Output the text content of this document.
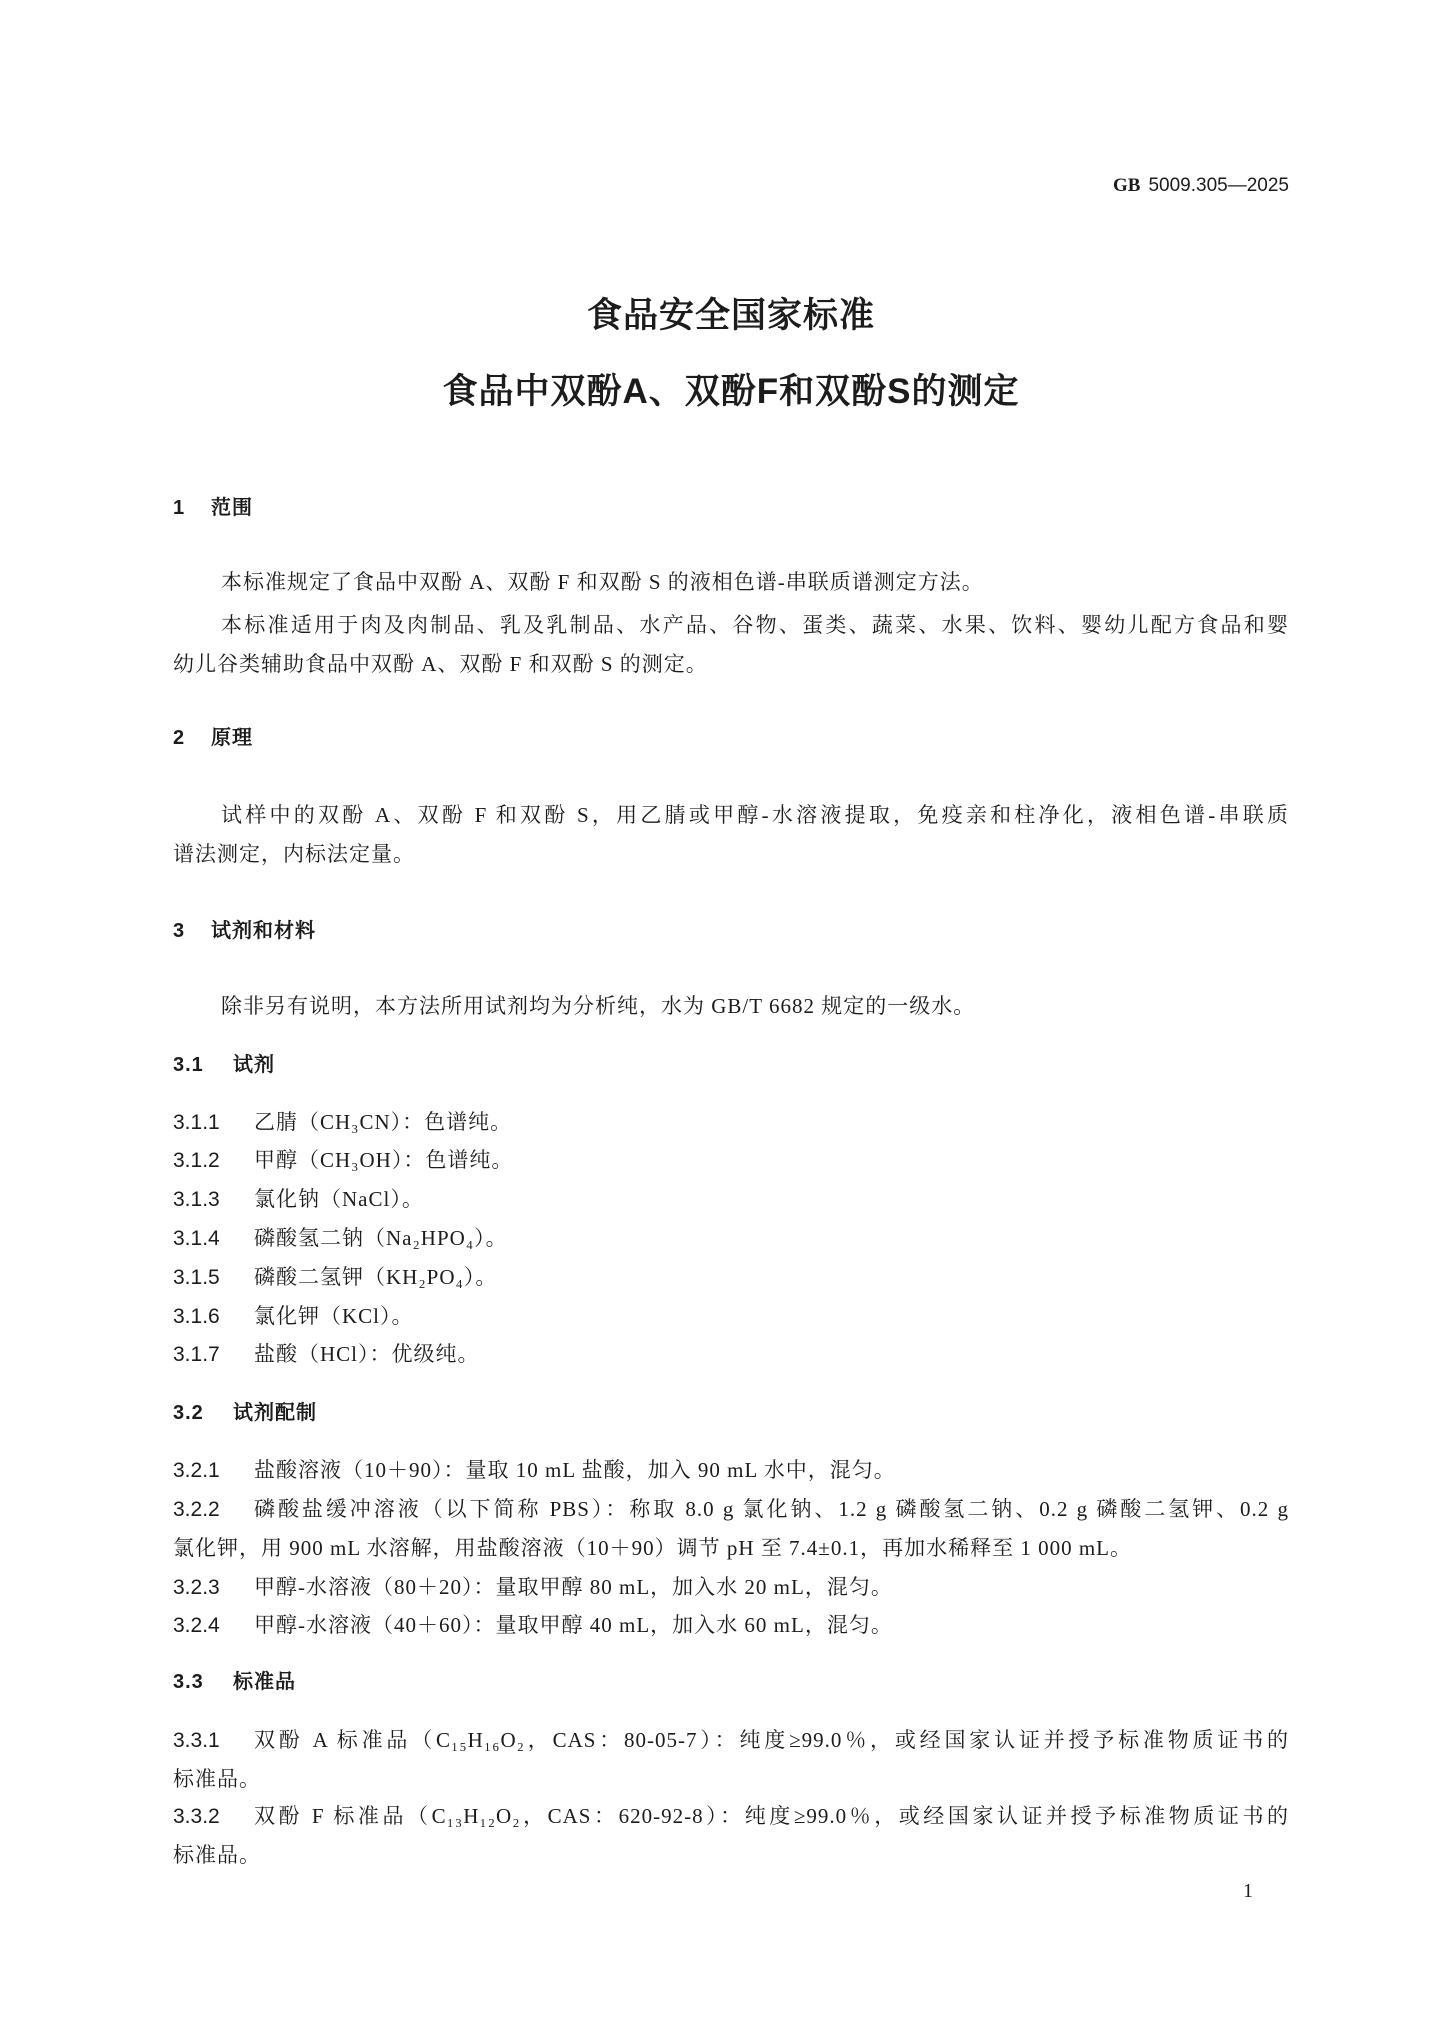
GB 5009.305—2025
食品安全国家标准
食品中双酚A、双酚F和双酚S的测定
1 范围
本标准规定了食品中双酚 A、双酚 F 和双酚 S 的液相色谱-串联质谱测定方法。
本标准适用于肉及肉制品、乳及乳制品、水产品、谷物、蛋类、蔬菜、水果、饮料、婴幼儿配方食品和婴
幼儿谷类辅助食品中双酚 A、双酚 F 和双酚 S 的测定。
2 原理
试样中的双酚 A、双酚 F 和双酚 S，用乙腈或甲醇-水溶液提取，免疫亲和柱净化，液相色谱-串联质
谱法测定，内标法定量。
3 试剂和材料
除非另有说明，本方法所用试剂均为分析纯，水为 GB/T 6682 规定的一级水。
3.1 试剂
3.1.1 乙腈（CH₃CN）：色谱纯。
3.1.2 甲醇（CH₃OH）：色谱纯。
3.1.3 氯化钠（NaCl）。
3.1.4 磷酸氢二钠（Na₂HPO₄）。
3.1.5 磷酸二氢钾（KH₂PO₄）。
3.1.6 氯化钾（KCl）。
3.1.7 盐酸（HCl）：优级纯。
3.2 试剂配制
3.2.1 盐酸溶液（10＋90）：量取 10 mL 盐酸，加入 90 mL 水中，混匀。
3.2.2 磷酸盐缓冲溶液（以下简称 PBS）：称取 8.0 g 氯化钠、1.2 g 磷酸氢二钠、0.2 g 磷酸二氢钾、0.2 g
氯化钾，用 900 mL 水溶解，用盐酸溶液（10＋90）调节 pH 至 7.4±0.1，再加水稀释至 1 000 mL。
3.2.3 甲醇-水溶液（80＋20）：量取甲醇 80 mL，加入水 20 mL，混匀。
3.2.4 甲醇-水溶液（40＋60）：量取甲醇 40 mL，加入水 60 mL，混匀。
3.3 标准品
3.3.1 双酚 A 标准品（C₁₅H₁₆O₂，CAS：80-05-7）：纯度≥99.0％，或经国家认证并授予标准物质证书的
标准品。
3.3.2 双酚 F 标准品（C₁₃H₁₂O₂，CAS：620-92-8）：纯度≥99.0％，或经国家认证并授予标准物质证书的
标准品。
1
